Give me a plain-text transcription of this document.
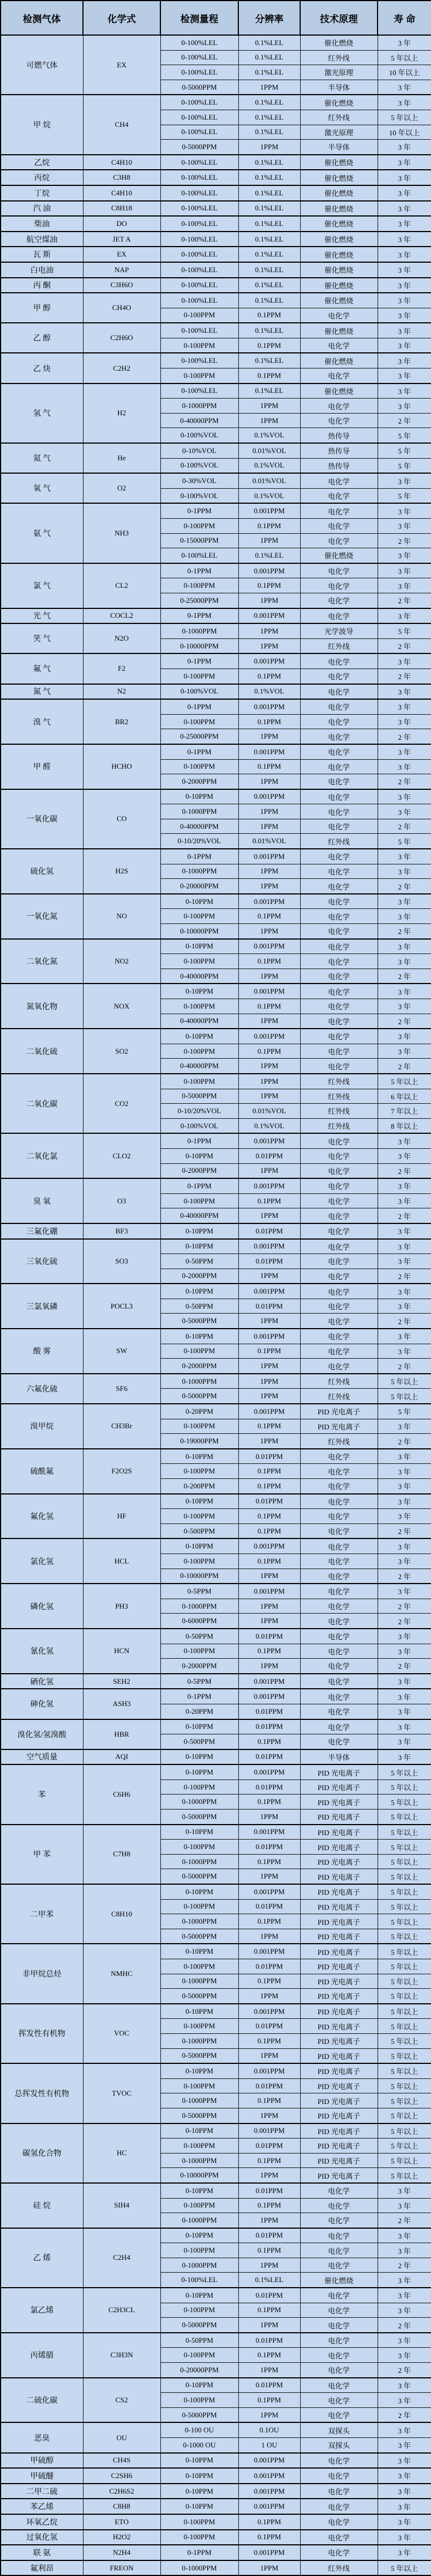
检测气体	化学式	检测量程	分辨率	技术原理	寿 命
可燃气体	EX	0-100%LEL	0.1%LEL	催化燃烧	3 年
		0-100%LEL	0.1%LEL	红外线	5 年以上
		0-100%LEL	0.1%LEL	激光原理	10 年以上
		0-5000PPM	1PPM	半导体	3 年
甲 烷	CH4	0-100%LEL	0.1%LEL	催化燃烧	3 年
		0-100%LEL	0.1%LEL	红外线	5 年以上
		0-100%LEL	0.1%LEL	激光原理	10 年以上
		0-5000PPM	1PPM	半导体	3 年
乙烷	C4H10	0-100%LEL	0.1%LEL	催化燃烧	3 年
丙烷	C3H8	0-100%LEL	0.1%LEL	催化燃烧	3 年
丁烷	C4H10	0-100%LEL	0.1%LEL	催化燃烧	3 年
汽 油	C8H18	0-100%LEL	0.1%LEL	催化燃烧	3 年
柴油	DO	0-100%LEL	0.1%LEL	催化燃烧	3 年
航空煤油	JET A	0-100%LEL	0.1%LEL	催化燃烧	3 年
瓦 斯	EX	0-100%LEL	0.1%LEL	催化燃烧	3 年
白电油	NAP	0-100%LEL	0.1%LEL	催化燃烧	3 年
丙 酮	C3H6O	0-100%LEL	0.1%LEL	催化燃烧	3 年
甲 醇	CH4O	0-100%LEL	0.1%LEL	催化燃烧	3 年
		0-100PPM	0.1PPM	电化学	3 年
乙 醇	C2H6O	0-100%LEL	0.1%LEL	催化燃烧	3 年
		0-100PPM	0.1PPM	电化学	3 年
乙 炔	C2H2	0-100%LEL	0.1%LEL	催化燃烧	3 年
		0-100PPM	0.1PPM	电化学	3 年
氢 气	H2	0-100%LEL	0.1%LEL	催化燃烧	3 年
		0-1000PPM	1PPM	电化学	3 年
		0-40000PPM	1PPM	电化学	2 年
		0-100%VOL	0.1%VOL	热传导	5 年
氦 气	He	0-10%VOL	0.01%VOL	热传导	5 年
		0-100%VOL	0.1%VOL	热传导	5 年
氧 气	O2	0-30%VOL	0.01%VOL	电化学	3 年
		0-100%VOL	0.1%VOL	电化学	5 年
氨 气	NH3	0-1PPM	0.001PPM	电化学	3 年
		0-100PPM	0.1PPM	电化学	3 年
		0-15000PPM	1PPM	电化学	2 年
		0-100%LEL	0.1%LEL	催化燃烧	3 年
氯 气	CL2	0-1PPM	0.001PPM	电化学	3 年
		0-100PPM	0.1PPM	电化学	3 年
		0-25000PPM	1PPM	电化学	2 年
光 气	COCL2	0-1PPM	0.001PPM	电化学	3 年
笑 气	N2O	0-1000PPM	1PPM	光学波导	5 年
		0-10000PPM	1PPM	红外线	2 年
氟 气	F2	0-1PPM	0.001PPM	电化学	3 年
		0-100PPM	0.1PPM	电化学	2 年
氮 气	N2	0-100%VOL	0.1%VOL	电化学	3 年
溴 气	BR2	0-1PPM	0.001PPM	电化学	3 年
		0-100PPM	0.1PPM	电化学	3 年
		0-25000PPM	1PPM	电化学	2 年
甲 醛	HCHO	0-1PPM	0.001PPM	电化学	3 年
		0-100PPM	0.1PPM	电化学	3 年
		0-2000PPM	1PPM	电化学	2 年
一氧化碳	CO	0-10PPM	0.001PPM	电化学	3 年
		0-1000PPM	1PPM	电化学	3 年
		0-40000PPM	1PPM	电化学	2 年
		0-10/20%VOL	0.01%VOL	红外线	5 年
硫化氢	H2S	0-1PPM	0.001PPM	电化学	3 年
		0-1000PPM	1PPM	电化学	3 年
		0-20000PPM	1PPM	电化学	2 年
一氧化氮	NO	0-10PPM	0.001PPM	电化学	3 年
		0-100PPM	0.1PPM	电化学	3 年
		0-10000PPM	1PPM	电化学	2 年
二氧化氮	NO2	0-10PPM	0.001PPM	电化学	3 年
		0-100PPM	0.1PPM	电化学	3 年
		0-40000PPM	1PPM	电化学	2 年
氮氧化物	NOX	0-10PPM	0.001PPM	电化学	3 年
		0-100PPM	0.1PPM	电化学	3 年
		0-40000PPM	1PPM	电化学	2 年
二氧化硫	SO2	0-10PPM	0.001PPM	电化学	3 年
		0-100PPM	0.1PPM	电化学	3 年
		0-40000PPM	1PPM	电化学	2 年
二氧化碳	CO2	0-100PPM	1PPM	红外线	5 年以上
		0-5000PPM	1PPM	红外线	6 年以上
		0-10/20%VOL	0.01%VOL	红外线	7 年以上
		0-100%VOL	0.1%VOL	红外线	8 年以上
二氧化氯	CLO2	0-1PPM	0.001PPM	电化学	3 年
		0-10PPM	0.01PPM	电化学	3 年
		0-2000PPM	1PPM	电化学	2 年
臭 氧	O3	0-1PPM	0.001PPM	电化学	3 年
		0-100PPM	0.1PPM	电化学	3 年
		0-40000PPM	1PPM	电化学	2 年
三氟化硼	BF3	0-10PPM	0.01PPM	电化学	3 年
三氧化硫	SO3	0-10PPM	0.001PPM	电化学	3 年
		0-50PPM	0.01PPM	电化学	3 年
		0-2000PPM	1PPM	电化学	2 年
三氯氧磷	POCL3	0-10PPM	0.001PPM	电化学	3 年
		0-50PPM	0.01PPM	电化学	3 年
		0-5000PPM	1PPM	电化学	2 年
酸 雾	SW	0-10PPM	0.001PPM	电化学	3 年
		0-100PPM	0.1PPM	电化学	3 年
		0-2000PPM	1PPM	电化学	2 年
六氟化硫	SF6	0-1000PPM	1PPM	红外线	5 年以上
		0-5000PPM	1PPM	红外线	5 年以上
溴甲烷	CH3Br	0-20PPM	0.001PPM	PID 光电离子	5 年
		0-100PPM	0.1PPM	PID 光电离子	3 年
		0-19000PPM	1PPM	红外线	2 年
硫酰氟	F2O2S	0-10PPM	0.01PPM	电化学	3 年
		0-100PPM	0.1PPM	电化学	3 年
		0-200PPM	0.1PPM	电化学	3 年
氟化氢	HF	0-10PPM	0.01PPM	电化学	3 年
		0-100PPM	0.1PPM	电化学	3 年
		0-500PPM	0.1PPM	电化学	2 年
氯化氢	HCL	0-10PPM	0.001PPM	电化学	3 年
		0-100PPM	0.1PPM	电化学	3 年
		0-10000PPM	1PPM	电化学	2 年
磷化氢	PH3	0-5PPM	0.001PPM	电化学	3 年
		0-1000PPM	1PPM	电化学	2 年
		0-6000PPM	1PPM	电化学	2 年
氰化氢	HCN	0-50PPM	0.01PPM	电化学	3 年
		0-100PPM	0.1PPM	电化学	3 年
		0-2000PPM	1PPM	电化学	2 年
硒化氢	SEH2	0-5PPM	0.001PPM	电化学	3 年
砷化氢	ASH3	0-1PPM	0.001PPM	电化学	3 年
		0-20PPM	0.01PPM	电化学	3 年
溴化氢/氢溴酸	HBR	0-10PPM	0.01PPM	电化学	3 年
		0-500PPM	0.1PPM	电化学	3 年
空气质量	AQI	0-10PPM	0.01PPM	半导体	3 年
苯	C6H6	0-10PPM	0.001PPM	PID 光电离子	5 年以上
		0-100PPM	0.01PPM	PID 光电离子	5 年以上
		0-1000PPM	0.1PPM	PID 光电离子	5 年以上
		0-5000PPM	1PPM	PID 光电离子	5 年以上
甲 苯	C7H8	0-10PPM	0.001PPM	PID 光电离子	5 年以上
		0-100PPM	0.01PPM	PID 光电离子	5 年以上
		0-1000PPM	0.1PPM	PID 光电离子	5 年以上
		0-5000PPM	1PPM	PID 光电离子	5 年以上
二甲苯	C8H10	0-10PPM	0.001PPM	PID 光电离子	5 年以上
		0-100PPM	0.01PPM	PID 光电离子	5 年以上
		0-1000PPM	0.1PPM	PID 光电离子	5 年以上
		0-5000PPM	1PPM	PID 光电离子	5 年以上
非甲烷总烃	NMHC	0-10PPM	0.001PPM	PID 光电离子	5 年以上
		0-100PPM	0.01PPM	PID 光电离子	5 年以上
		0-1000PPM	0.1PPM	PID 光电离子	5 年以上
		0-5000PPM	1PPM	PID 光电离子	5 年以上
挥发性有机物	VOC	0-10PPM	0.001PPM	PID 光电离子	5 年以上
		0-100PPM	0.01PPM	PID 光电离子	5 年以上
		0-1000PPM	0.1PPM	PID 光电离子	5 年以上
		0-5000PPM	1PPM	PID 光电离子	5 年以上
总挥发性有机物	TVOC	0-10PPM	0.001PPM	PID 光电离子	5 年以上
		0-100PPM	0.01PPM	PID 光电离子	5 年以上
		0-1000PPM	0.1PPM	PID 光电离子	5 年以上
		0-5000PPM	1PPM	PID 光电离子	5 年以上
碳氢化合物	HC	0-10PPM	0.001PPM	PID 光电离子	5 年以上
		0-100PPM	0.01PPM	PID 光电离子	5 年以上
		0-1000PPM	0.1PPM	PID 光电离子	5 年以上
		0-10000PPM	1PPM	PID 光电离子	5 年以上
硅 烷	SIH4	0-10PPM	0.01PPM	电化学	3 年
		0-100PPM	0.1PPM	电化学	3 年
		0-1000PPM	1PPM	电化学	2 年
乙 烯	C2H4	0-10PPM	0.01PPM	电化学	3 年
		0-100PPM	0.1PPM	电化学	3 年
		0-1000PPM	1PPM	电化学	2 年
		0-100%LEL	0.1%LEL	催化燃烧	3 年
氯乙烯	C2H3CL	0-10PPM	0.01PPM	电化学	3 年
		0-100PPM	0.1PPM	电化学	3 年
		0-5000PPM	1PPM	电化学	2 年
丙烯腈	C3H3N	0-50PPM	0.01PPM	电化学	3 年
		0-100PPM	0.1PPM	电化学	3 年
		0-20000PPM	1PPM	电化学	2 年
二硫化碳	CS2	0-10PPM	0.01PPM	电化学	3 年
		0-100PPM	0.1PPM	电化学	3 年
		0-5000PPM	1PPM	电化学	2 年
恶臭	OU	0-100 OU	0.1OU	双探头	3 年
		0-1000 OU	1 OU	双探头	3 年
甲硫醇	CH4S	0-10PPM	0.001PPM	电化学	3 年
甲硫醚	C2SH6	0-10PPM	0.001PPM	电化学	3 年
二甲二硫	C2H6S2	0-10PPM	0.001PPM	电化学	3 年
苯乙烯	C8H8	0-10PPM	0.001PPM	电化学	3 年
环氧乙烷	ETO	0-100PPM	0.1PPM	电化学	3 年
过氧化氢	H2O2	0-100PPM	0.1PPM	电化学	3 年
联 氨	N2H4	0-1PPM	0.001PPM	电化学	3 年
氟利昂	FREON	0-1000PPM	1PPM	红外线	5 年以上
